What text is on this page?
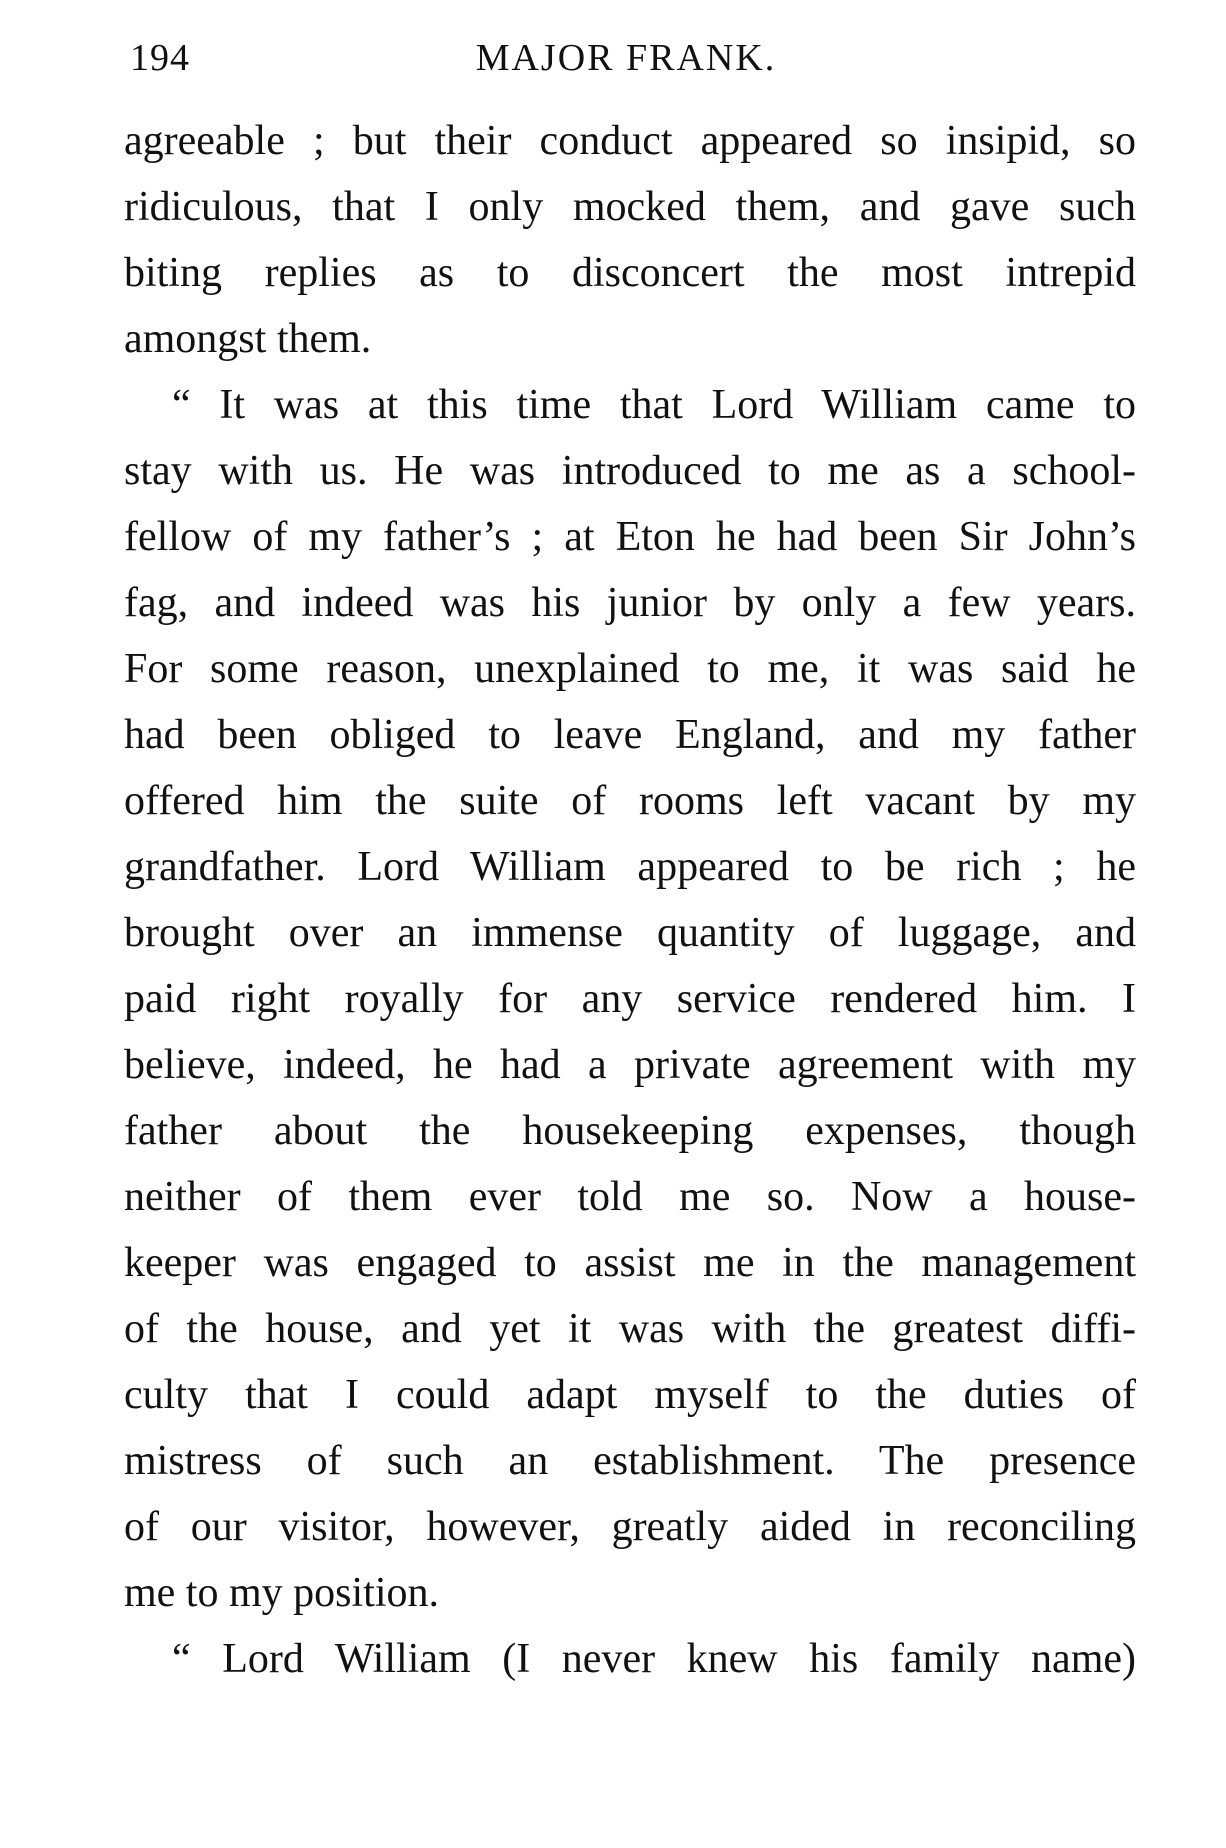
194	MAJOR FRANK.
agreeable ; but their conduct appeared so insipid, so
ridiculous, that I only mocked them, and gave such
biting replies as to disconcert the most intrepid
amongst them.
“ It was at this time that Lord William came to
stay with us. He was introduced to me as a school-
fellow of my father’s ; at Eton he had been Sir John’s
fag, and indeed was his junior by only a few years.
For some reason, unexplained to me, it was said he
had been obliged to leave England, and my father
offered him the suite of rooms left vacant by my
grandfather. Lord William appeared to be rich ; he
brought over an immense quantity of luggage, and
paid right royally for any service rendered him. I
believe, indeed, he had a private agreement with my
father about the housekeeping expenses, though
neither of them ever told me so. Now a house-
keeper was engaged to assist me in the management
of the house, and yet it was with the greatest diffi-
culty that I could adapt myself to the duties of
mistress of such an establishment. The presence
of our visitor, however, greatly aided in reconciling
me to my position.
“ Lord William (I never knew his family name)
